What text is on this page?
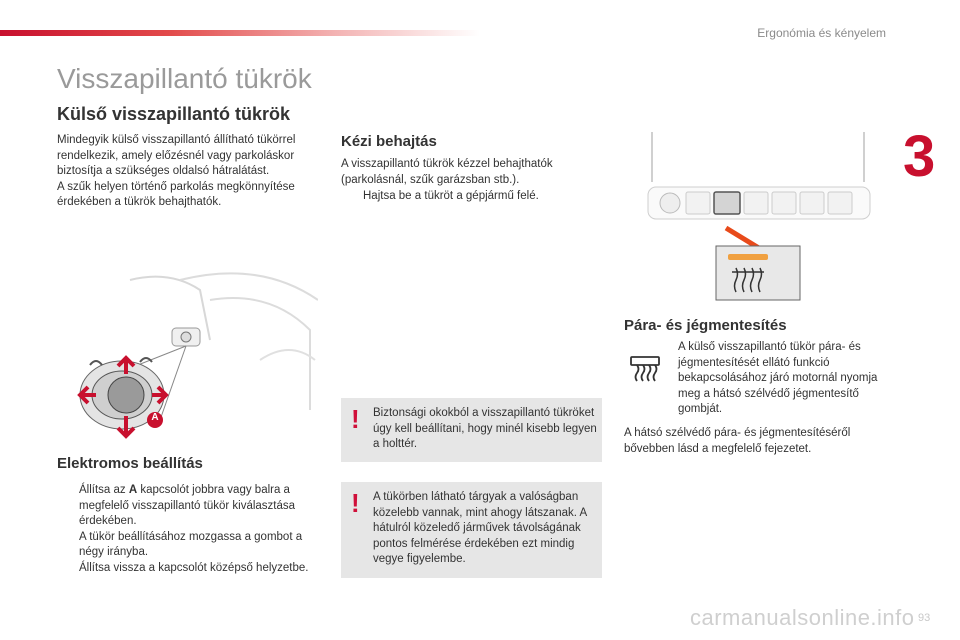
Ergonómia és kényelem
3
Visszapillantó tükrök
Külső visszapillantó tükrök
Mindegyik külső visszapillantó állítható tükörrel rendelkezik, amely előzésnél vagy parkoláskor biztosítja a szükséges oldalsó hátralátást.
A szűk helyen történő parkolás megkönnyítése érdekében a tükrök behajthatók.
A
Elektromos beállítás
Állítsa az A kapcsolót jobbra vagy balra a megfelelő visszapillantó tükör kiválasztása érdekében.
A tükör beállításához mozgassa a gombot a négy irányba.
Állítsa vissza a kapcsolót középső helyzetbe.
Kézi behajtás
A visszapillantó tükrök kézzel behajthatók (parkolásnál, szűk garázsban stb.).
Hajtsa be a tükröt a gépjármű felé.
! Biztonsági okokból a visszapillantó tükröket úgy kell beállítani, hogy minél kisebb legyen a holttér.
! A tükörben látható tárgyak a valóságban közelebb vannak, mint ahogy látszanak. A hátulról közeledő járművek távolságának pontos felmérése érdekében ezt mindig vegye figyelembe.
Pára- és jégmentesítés
A külső visszapillantó tükör pára- és jégmentesítését ellátó funkció bekapcsolásához járó motornál nyomja meg a hátsó szélvédő jégmentesítő gombját.
A hátsó szélvédő pára- és jégmentesítéséről bővebben lásd a megfelelő fejezetet.
carmanualsonline.info 93
